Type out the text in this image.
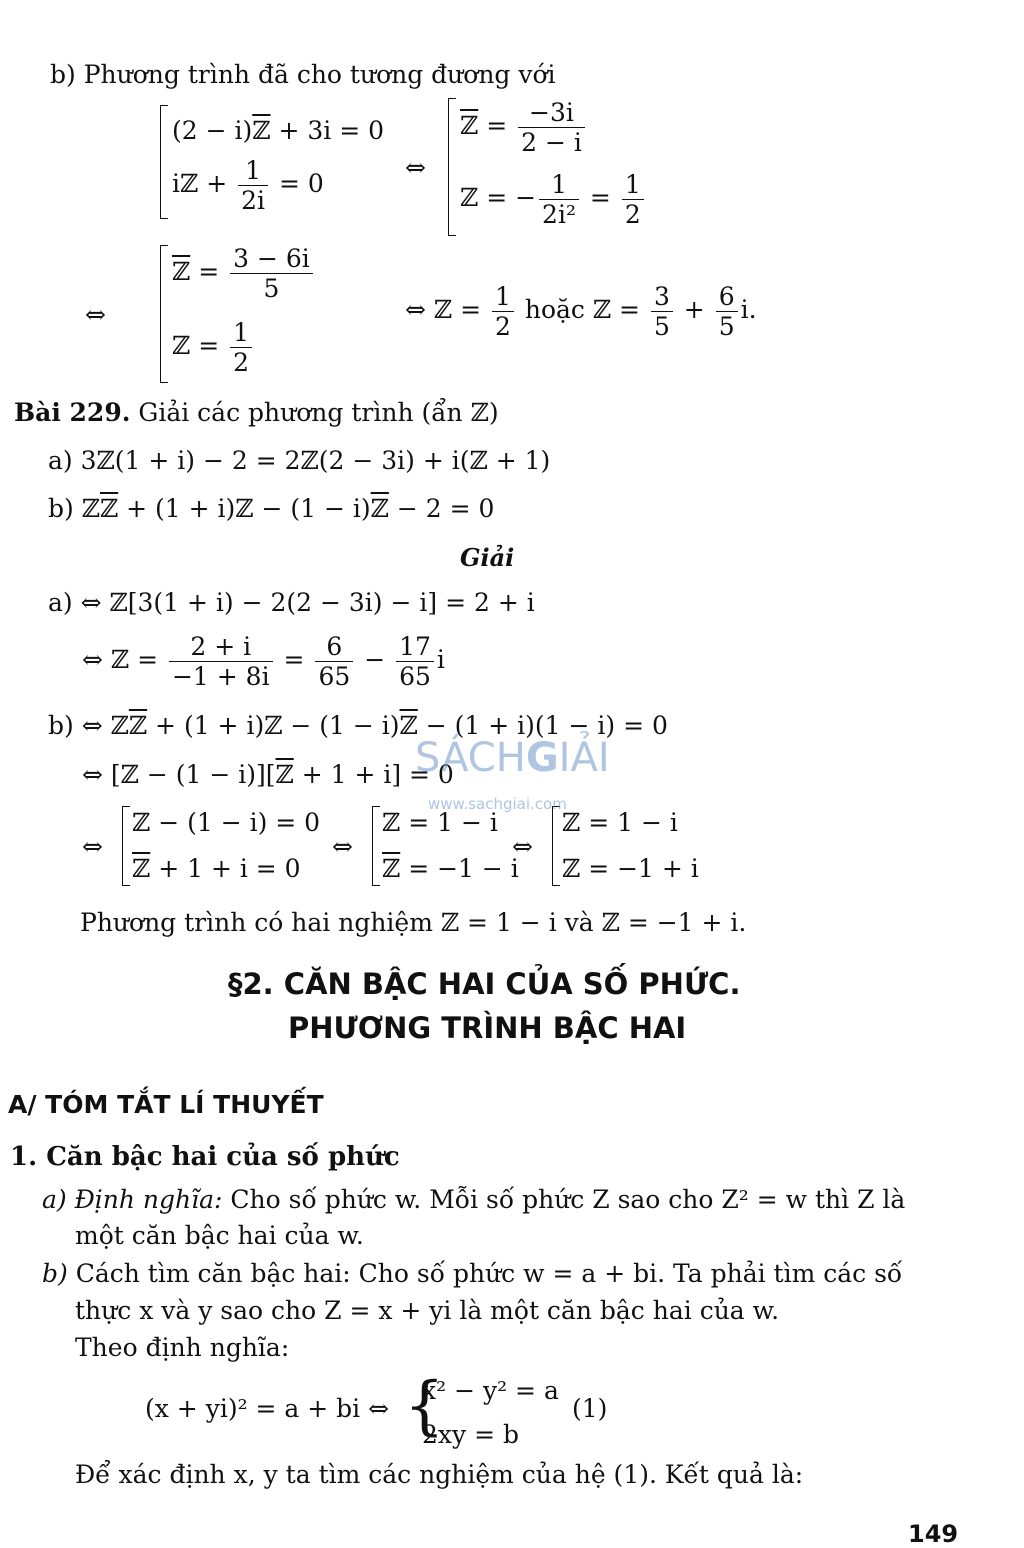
b) Phương trình đã cho tương đương với
(2 − i)ℤ + 3i = 0
iℤ + $\frac{1}{2i} = 0$
⇔
ℤ = $\frac{-3i}{2 - i}$
ℤ = − $\frac{1}{\text{2i²}} = \frac{1}{2}$
⇔
ℤ = $\frac{3 - 6i}{5}$
ℤ = $\frac{1}{2}$
⇔ ℤ = $\frac{1}{2}$ hoặc ℤ = $\frac{3}{5} + \frac{6}{5} i$.
Bài 229. Giải các phương trình (ẩn ℤ)
a) 3ℤ(1 + i) − 2 = 2ℤ(2 − 3i) + i(ℤ + 1)
b) ℤℤ + (1 + i)ℤ − (1 − i)ℤ − 2 = 0
Giải
a) ⇔ ℤ[3(1 + i) − 2(2 − 3i) − i] = 2 + i
⇔ ℤ = $\frac{2 + i}{-1 + 8i} = \frac{6}{65} - \frac{17}{65}$ i
b) ⇔ ℤℤ + (1 + i)ℤ − (1 − i)ℤ − (1 + i)(1 − i) = 0
⇔ [ℤ − (1 − i)][ℤ + 1 + i] = 0
⇔
ℤ − (1 − i) = 0
ℤ + 1 + i = 0
⇔
ℤ = 1 − i
ℤ = −1 − i
⇔
ℤ = 1 − i
ℤ = −1 + i
Phương trình có hai nghiệm ℤ = 1 − i và ℤ = −1 + i.
SÁCHGIẢI
www.sachgiai.com
§2. CĂN BẬC HAI CỦA SỐ PHỨC.
PHƯƠNG TRÌNH BẬC HAI
A/ TÓM TẮT LÍ THUYẾT
1. Căn bậc hai của số phức
a) Định nghĩa: Cho số phức w. Mỗi số phức Z sao cho Z² = w thì Z là
một căn bậc hai của w.
b) Cách tìm căn bậc hai: Cho số phức w = a + bi. Ta phải tìm các số
thực x và y sao cho Z = x + yi là một căn bậc hai của w.
Theo định nghĩa:
(x + yi)² = a + bi ⇔ {
x² − y² = a
2xy = b
(1)
Để xác định x, y ta tìm các nghiệm của hệ (1). Kết quả là:
149
